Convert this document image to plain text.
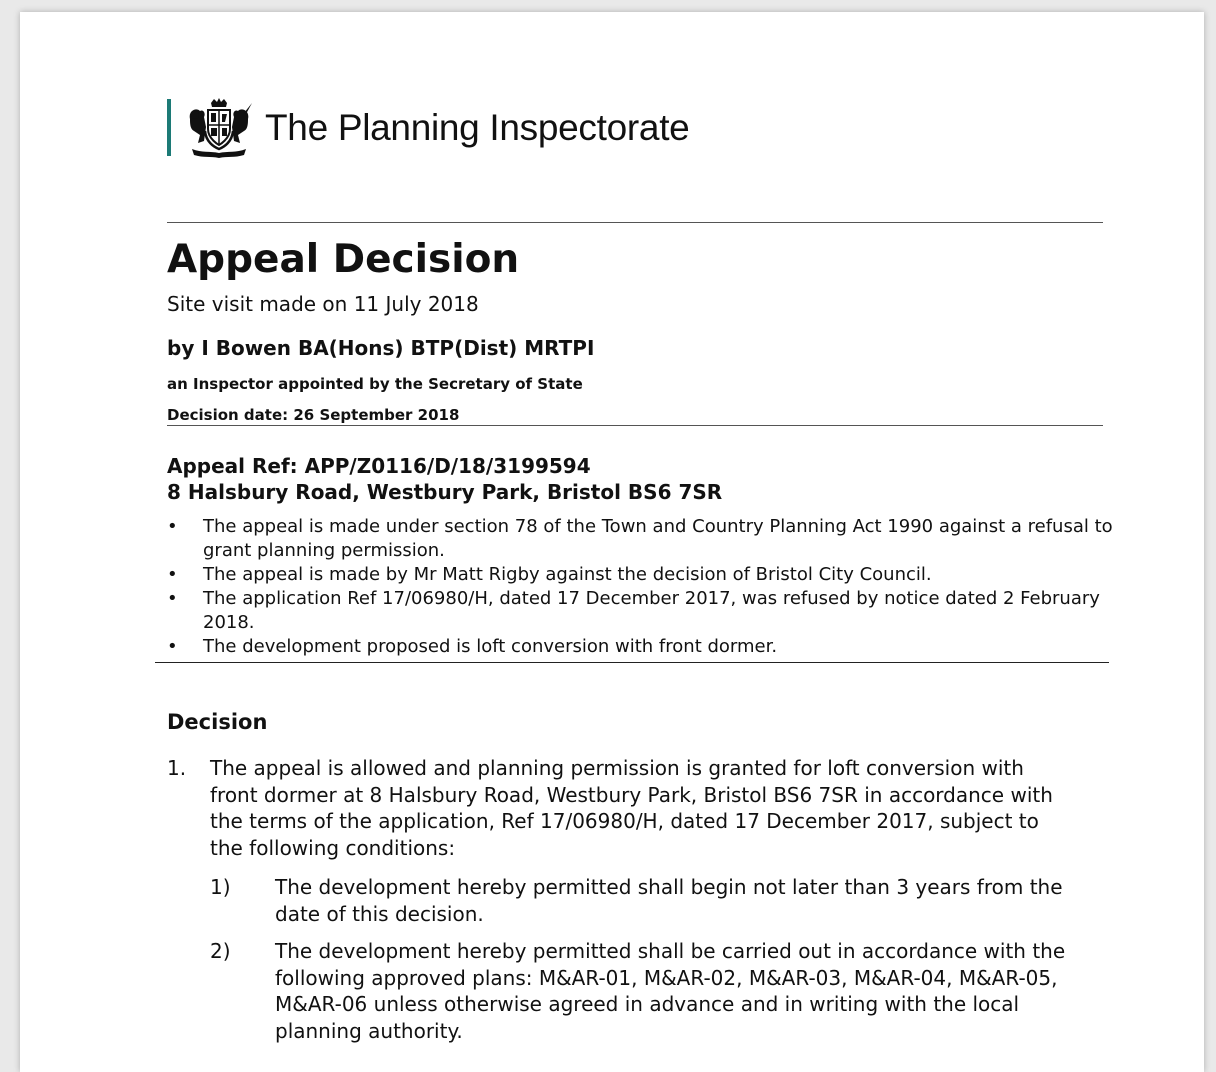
The Planning Inspectorate
Appeal Decision
Site visit made on 11 July 2018
by I Bowen BA(Hons) BTP(Dist) MRTPI
an Inspector appointed by the Secretary of State
Decision date: 26 September 2018
Appeal Ref: APP/Z0116/D/18/3199594
8 Halsbury Road, Westbury Park, Bristol BS6 7SR
• The appeal is made under section 78 of the Town and Country Planning Act 1990 against a refusal to grant planning permission.
• The appeal is made by Mr Matt Rigby against the decision of Bristol City Council.
• The application Ref 17/06980/H, dated 17 December 2017, was refused by notice dated 2 February 2018.
• The development proposed is loft conversion with front dormer.
Decision
1. The appeal is allowed and planning permission is granted for loft conversion with front dormer at 8 Halsbury Road, Westbury Park, Bristol BS6 7SR in accordance with the terms of the application, Ref 17/06980/H, dated 17 December 2017, subject to the following conditions:
1) The development hereby permitted shall begin not later than 3 years from the date of this decision.
2) The development hereby permitted shall be carried out in accordance with the following approved plans: M&AR-01, M&AR-02, M&AR-03, M&AR-04, M&AR-05, M&AR-06 unless otherwise agreed in advance and in writing with the local planning authority.
